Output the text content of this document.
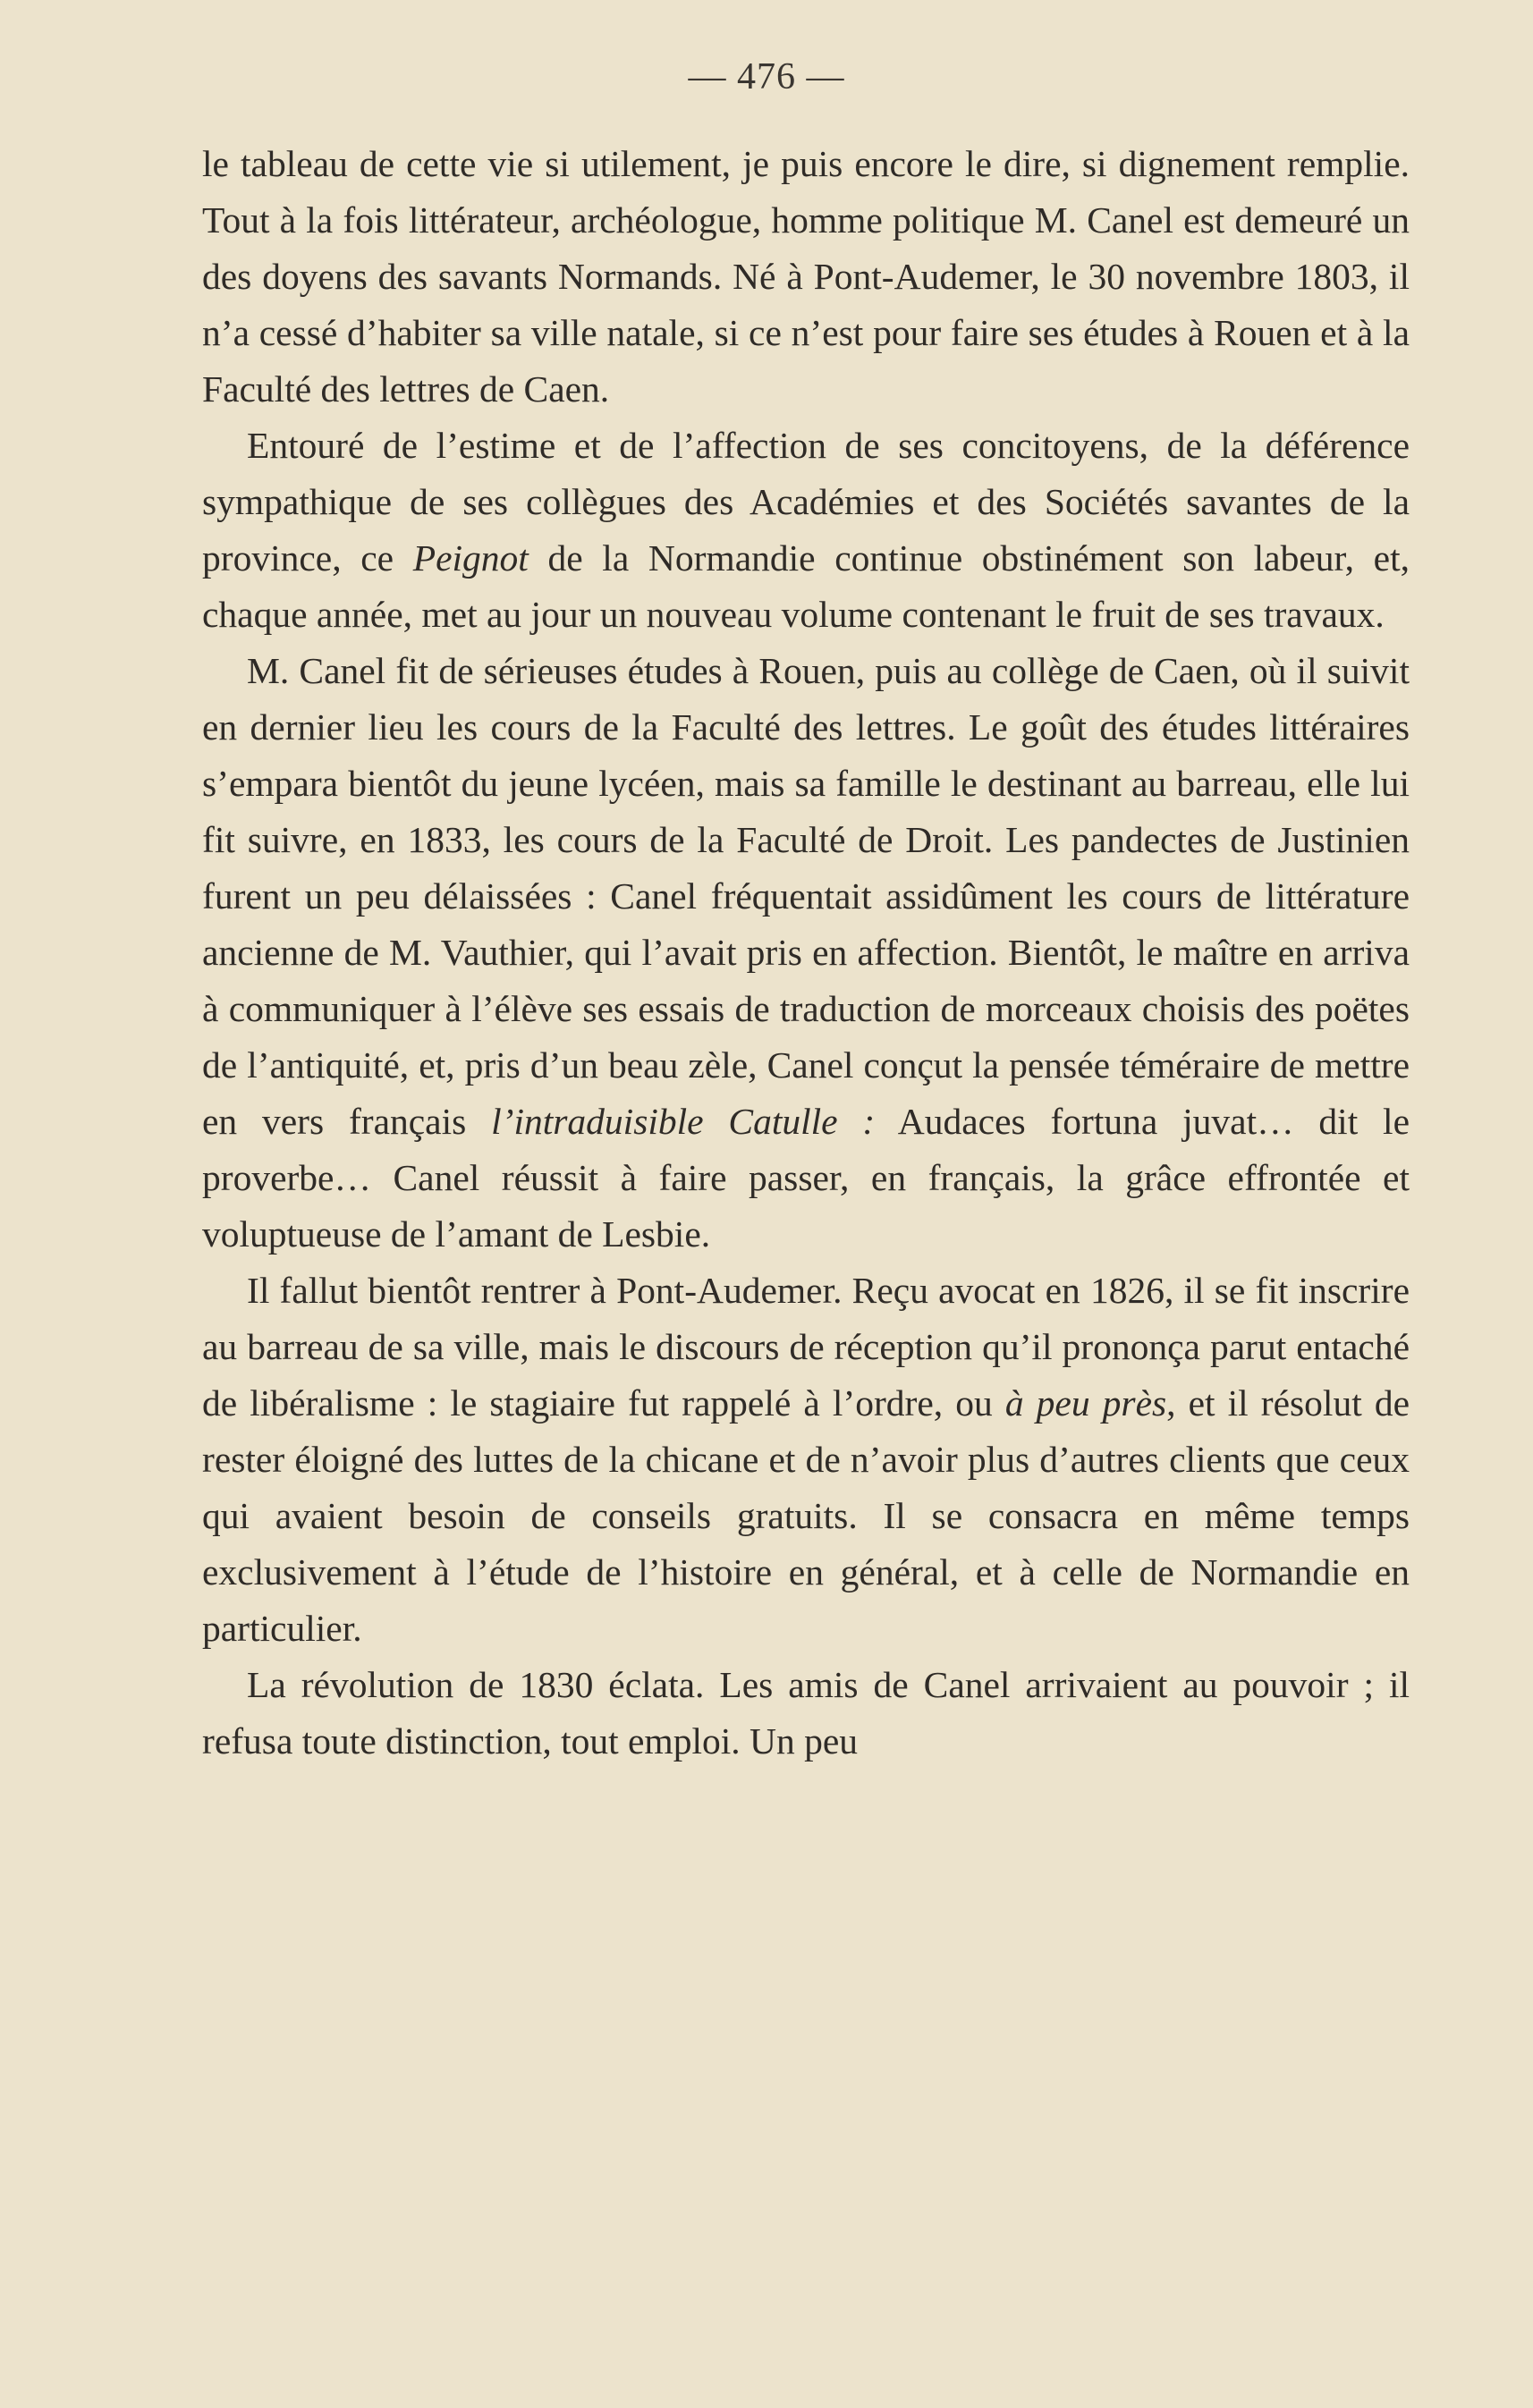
— 476 —

le tableau de cette vie si utilement, je puis encore le dire, si dignement remplie. Tout à la fois littérateur, archéologue, homme politique M. Canel est demeuré un des doyens des savants Normands. Né à Pont-Audemer, le 30 novembre 1803, il n’a cessé d’habiter sa ville natale, si ce n’est pour faire ses études à Rouen et à la Faculté des lettres de Caen.

Entouré de l’estime et de l’affection de ses concitoyens, de la déférence sympathique de ses collègues des Académies et des Sociétés savantes de la province, ce Peignot de la Normandie continue obstinément son labeur, et, chaque année, met au jour un nouveau volume contenant le fruit de ses travaux.

M. Canel fit de sérieuses études à Rouen, puis au collège de Caen, où il suivit en dernier lieu les cours de la Faculté des lettres. Le goût des études littéraires s’empara bientôt du jeune lycéen, mais sa famille le destinant au barreau, elle lui fit suivre, en 1833, les cours de la Faculté de Droit. Les pandectes de Justinien furent un peu délaissées : Canel fréquentait assidûment les cours de littérature ancienne de M. Vauthier, qui l’avait pris en affection. Bientôt, le maître en arriva à communiquer à l’élève ses essais de traduction de morceaux choisis des poëtes de l’antiquité, et, pris d’un beau zèle, Canel conçut la pensée téméraire de mettre en vers français l’intraduisible Catulle : Audaces fortuna juvat… dit le proverbe… Canel réussit à faire passer, en français, la grâce effrontée et voluptueuse de l’amant de Lesbie.

Il fallut bientôt rentrer à Pont-Audemer. Reçu avocat en 1826, il se fit inscrire au barreau de sa ville, mais le discours de réception qu’il prononça parut entaché de libéralisme : le stagiaire fut rappelé à l’ordre, ou à peu près, et il résolut de rester éloigné des luttes de la chicane et de n’avoir plus d’autres clients que ceux qui avaient besoin de conseils gratuits. Il se consacra en même temps exclusivement à l’étude de l’histoire en général, et à celle de Normandie en particulier.

La révolution de 1830 éclata. Les amis de Canel arrivaient au pouvoir ; il refusa toute distinction, tout emploi. Un peu
